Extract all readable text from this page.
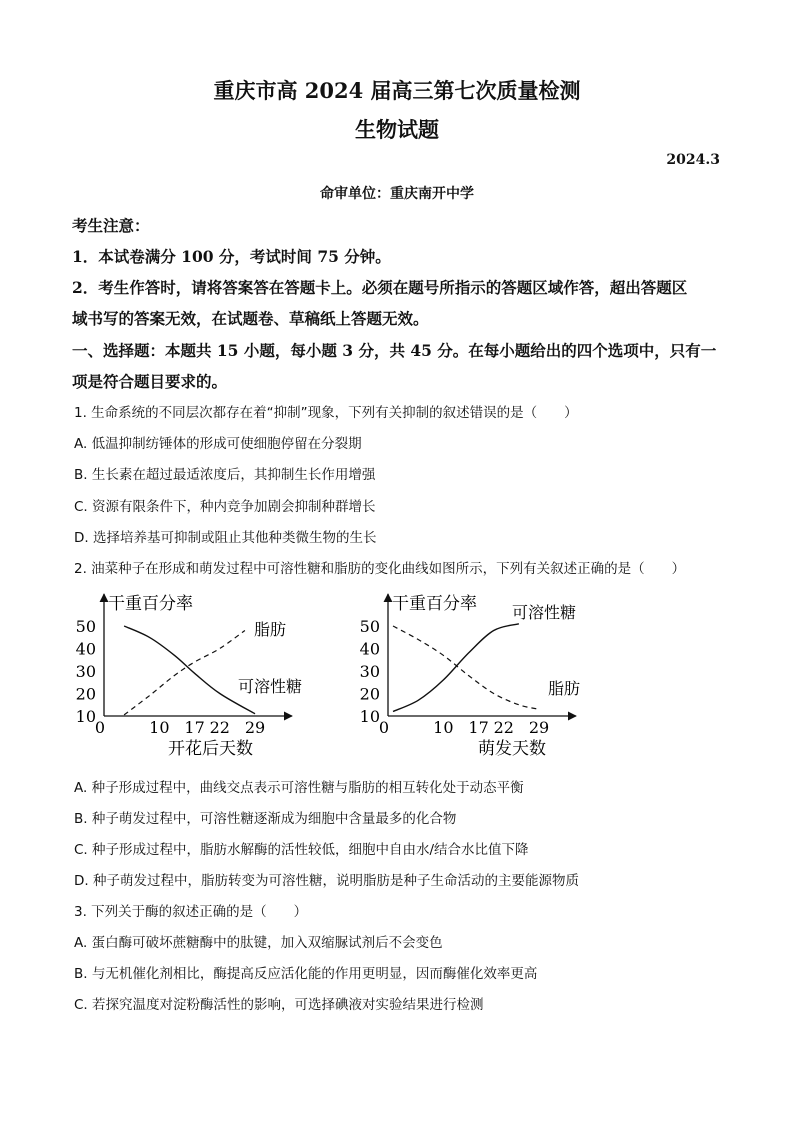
重庆市高 2024 届高三第七次质量检测
生物试题
2024.3
命审单位：重庆南开中学
考生注意：
1．本试卷满分 100 分，考试时间 75 分钟。
2．考生作答时，请将答案答在答题卡上。必须在题号所指示的答题区域作答，超出答题区
域书写的答案无效，在试题卷、草稿纸上答题无效。
一、选择题：本题共 15 小题，每小题 3 分，共 45 分。在每小题给出的四个选项中，只有一
项是符合题目要求的。
1. 生命系统的不同层次都存在着“抑制”现象，下列有关抑制的叙述错误的是（　　）
A. 低温抑制纺锤体的形成可使细胞停留在分裂期
B. 生长素在超过最适浓度后，其抑制生长作用增强
C. 资源有限条件下，种内竞争加剧会抑制种群增长
D. 选择培养基可抑制或阻止其他种类微生物的生长
2. 油菜种子在形成和萌发过程中可溶性糖和脂肪的变化曲线如图所示，下列有关叙述正确的是（　　）
干重百分率
开花后天数
10
20
30
40
50
0	10 17 22 29
脂肪
可溶性糖
干重百分率
萌发天数
10
20
30
40
50
0	10 17 22 29
可溶性糖
脂肪
A. 种子形成过程中，曲线交点表示可溶性糖与脂肪的相互转化处于动态平衡
B. 种子萌发过程中，可溶性糖逐渐成为细胞中含量最多的化合物
C. 种子形成过程中，脂肪水解酶的活性较低，细胞中自由水/结合水比值下降
D. 种子萌发过程中，脂肪转变为可溶性糖，说明脂肪是种子生命活动的主要能源物质
3. 下列关于酶的叙述正确的是（　　）
A. 蛋白酶可破坏蔗糖酶中的肽键，加入双缩脲试剂后不会变色
B. 与无机催化剂相比，酶提高反应活化能的作用更明显，因而酶催化效率更高
C. 若探究温度对淀粉酶活性的影响，可选择碘液对实验结果进行检测
